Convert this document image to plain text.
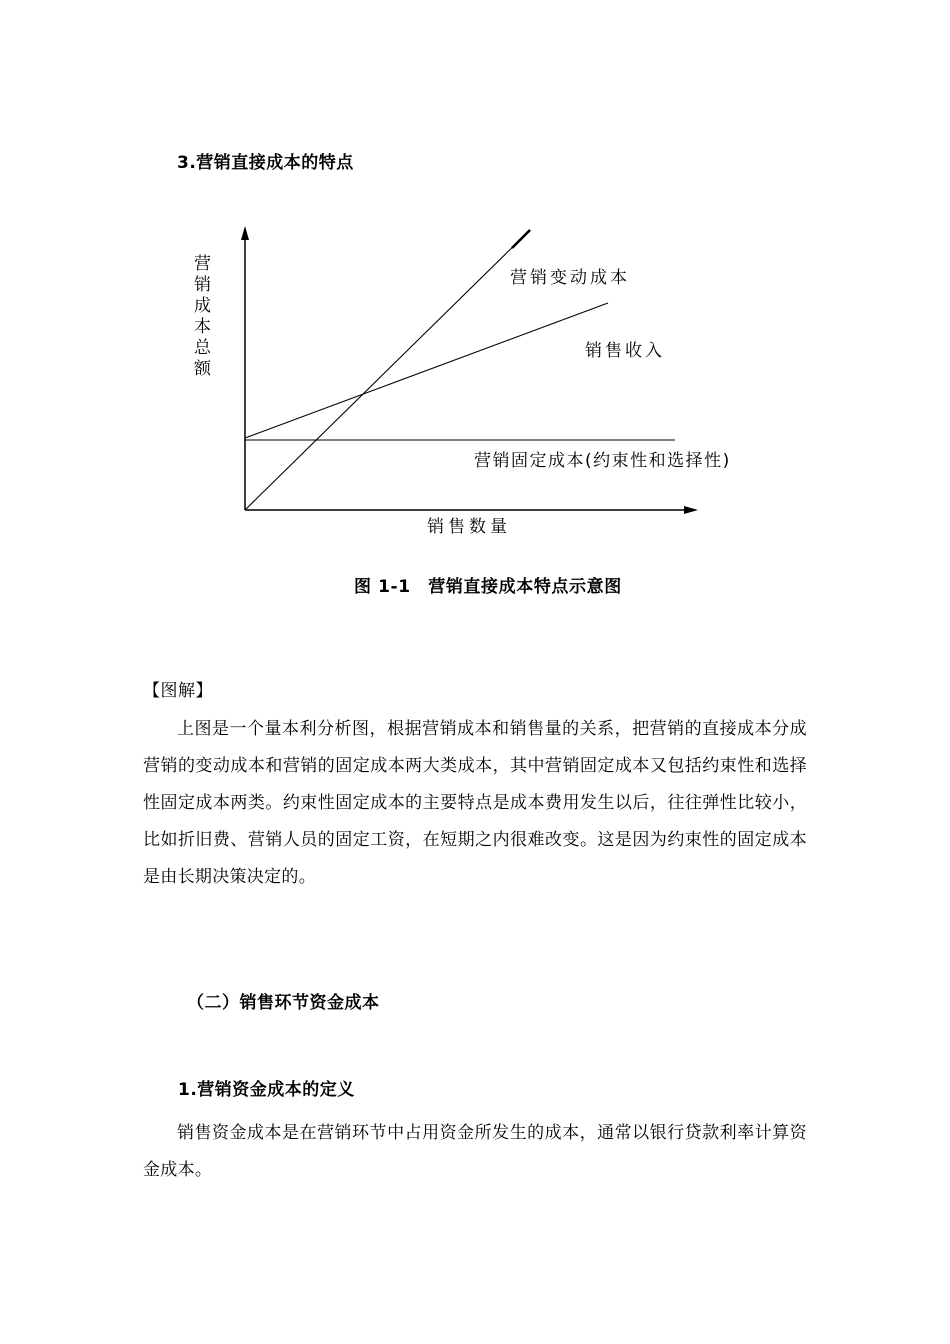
3.营销直接成本的特点
营销成本总额	营销变动成本
销售收入
营销固定成本(约束性和选择性)
销售数量
图 1-1　营销直接成本特点示意图
【图解】

上图是一个量本利分析图，根据营销成本和销售量的关系，把营销的直接成本分成营销的变动成本和营销的固定成本两大类成本，其中营销固定成本又包括约束性和选择性固定成本两类。约束性固定成本的主要特点是成本费用发生以后，往往弹性比较小，比如折旧费、营销人员的固定工资，在短期之内很难改变。这是因为约束性的固定成本是由长期决策决定的。

（二）销售环节资金成本
1.营销资金成本的定义

销售资金成本是在营销环节中占用资金所发生的成本，通常以银行贷款利率计算资金成本。
